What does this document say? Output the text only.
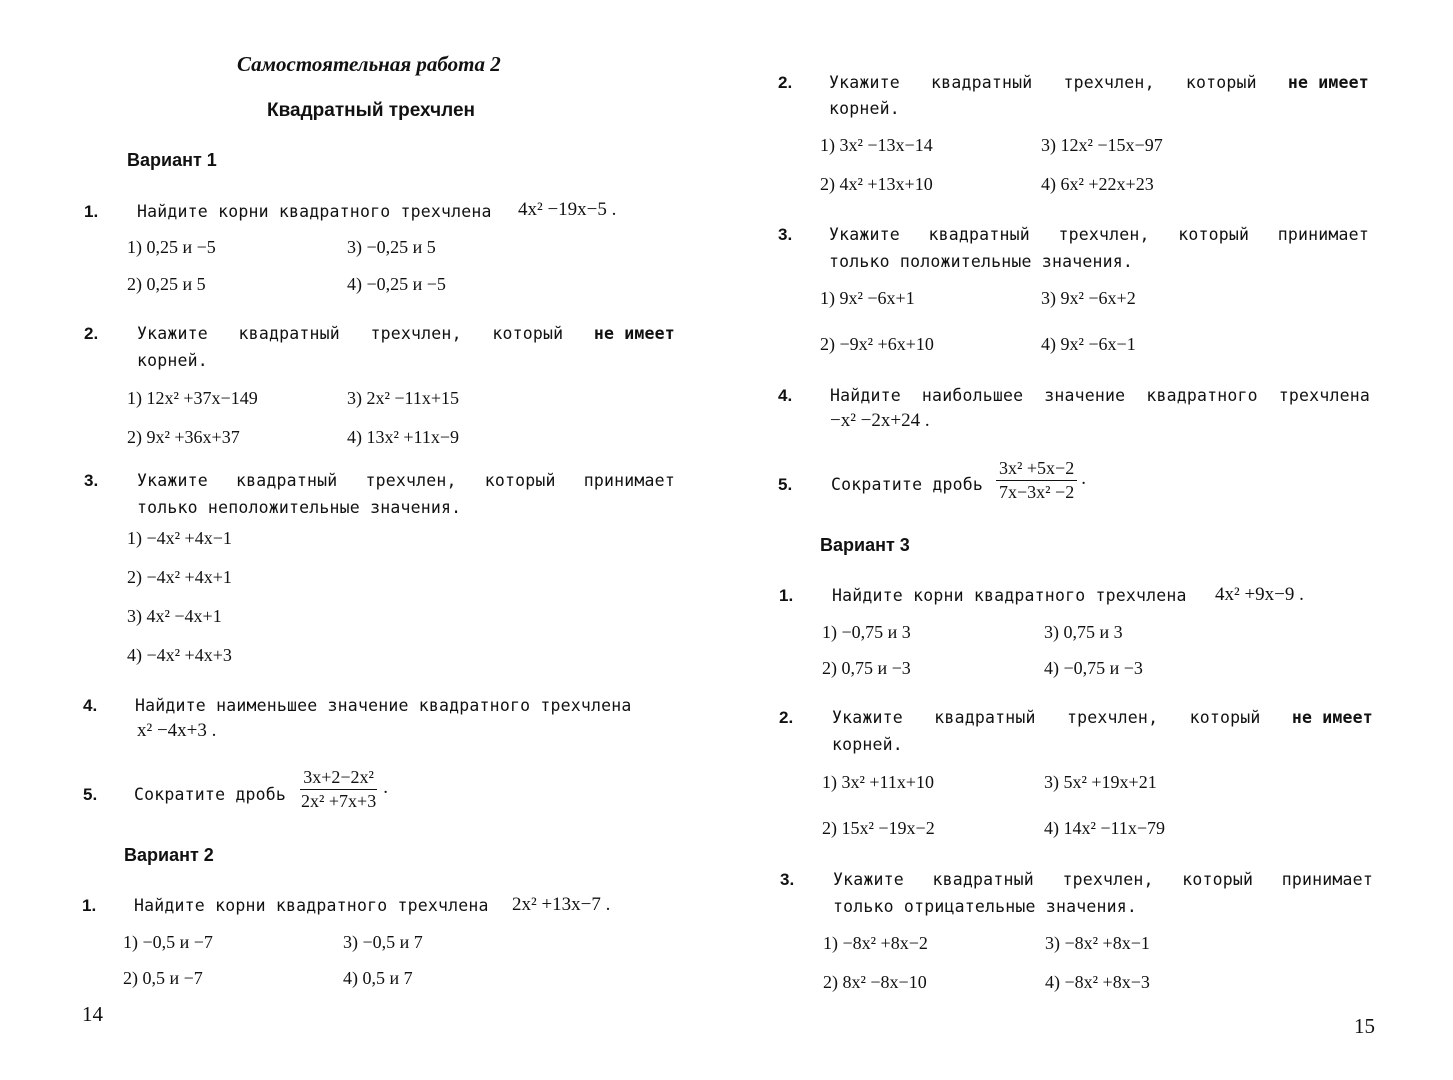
Самостоятельная работа 2
Квадратный трехчлен
Вариант 1
1. Найдите корни квадратного трехчлена 4x² −19x−5 .
1) 0,25 и −5	3) −0,25 и 5
2) 0,25 и 5	4) −0,25 и −5
2. Укажите квадратный трехчлен, который не имеет
корней.
1) 12x² +37x−149	3) 2x² −11x+15
2) 9x² +36x+37	4) 13x² +11x−9
3. Укажите квадратный трехчлен, который принимает
только неположительные значения.
1) −4x² +4x−1
2) −4x² +4x+1
3) 4x² −4x+1
4) −4x² +4x+3
4. Найдите наименьшее значение квадратного трехчлена
x² −4x+3 .
5. Сократите дробь $\frac{\text{3x+2−2x²}}{\text{2x² +7x+3}}$ .
Вариант 2
1. Найдите корни квадратного трехчлена 2x² +13x−7 .
1) −0,5 и −7	3) −0,5 и 7
2) 0,5 и −7	4) 0,5 и 7
14
2. Укажите квадратный трехчлен, который не имеет
корней.
1) 3x² −13x−14	3) 12x² −15x−97
2) 4x² +13x+10	4) 6x² +22x+23
3. Укажите квадратный трехчлен, который принимает
только положительные значения.
1) 9x² −6x+1	3) 9x² −6x+2
2) −9x² +6x+10	4) 9x² −6x−1
4. Найдите наибольшее значение квадратного трехчлена
−x² −2x+24 .
5. Сократите дробь $\frac{\text{3x² +5x−2}}{\text{7x−3x² −2}}$ .
Вариант 3
1. Найдите корни квадратного трехчлена 4x² +9x−9 .
1) −0,75 и 3	3) 0,75 и 3
2) 0,75 и −3	4) −0,75 и −3
2. Укажите квадратный трехчлен, который не имеет
корней.
1) 3x² +11x+10	3) 5x² +19x+21
2) 15x² −19x−2	4) 14x² −11x−79
3. Укажите квадратный трехчлен, который принимает
только отрицательные значения.
1) −8x² +8x−2	3) −8x² +8x−1
2) 8x² −8x−10	4) −8x² +8x−3
15
